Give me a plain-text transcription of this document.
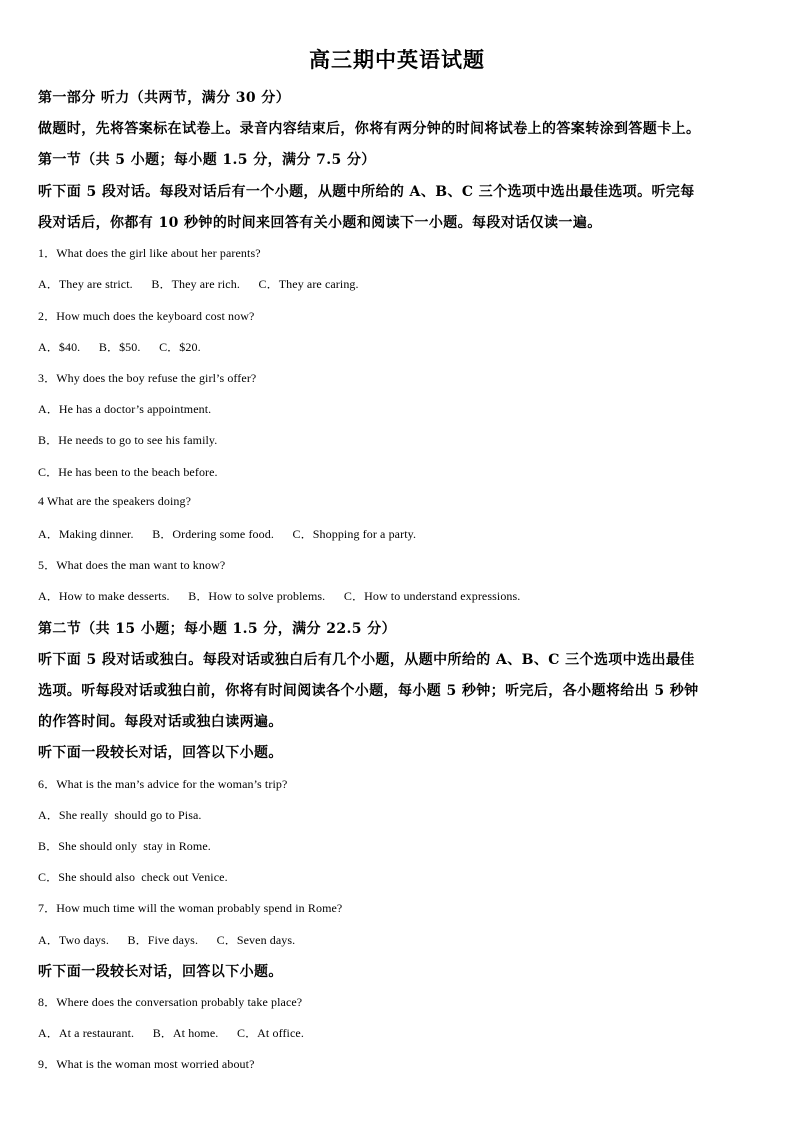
高三期中英语试题
第一部分 听力（共两节，满分 30 分）
做题时，先将答案标在试卷上。录音内容结束后，你将有两分钟的时间将试卷上的答案转涂到答题卡上。
第一节（共 5 小题；每小题 1.5 分，满分 7.5 分）
听下面 5 段对话。每段对话后有一个小题，从题中所给的 A、B、C 三个选项中选出最佳选项。听完每
段对话后，你都有 10 秒钟的时间来回答有关小题和阅读下一小题。每段对话仅读一遍。
1．What does the girl like about her parents?
A．They are strict.      B．They are rich.      C．They are caring.
2．How much does the keyboard cost now?
A．$40.      B．$50.      C．$20.
3．Why does the boy refuse the girl’s offer?
A．He has a doctor’s appointment.
B．He needs to go to see his family.
C．He has been to the beach before.
4 What are the speakers doing?
A．Making dinner.      B．Ordering some food.      C．Shopping for a party.
5．What does the man want to know?
A．How to make desserts.      B．How to solve problems.      C．How to understand expressions.
第二节（共 15 小题；每小题 1.5 分，满分 22.5 分）
听下面 5 段对话或独白。每段对话或独白后有几个小题，从题中所给的 A、B、C 三个选项中选出最佳
选项。听每段对话或独白前，你将有时间阅读各个小题，每小题 5 秒钟；听完后，各小题将给出 5 秒钟
的作答时间。每段对话或独白读两遍。
听下面一段较长对话，回答以下小题。
6．What is the man’s advice for the woman’s trip?
A．She really  should go to Pisa.
B．She should only  stay in Rome.
C．She should also  check out Venice.
7．How much time will the woman probably spend in Rome?
A．Two days.      B．Five days.      C．Seven days.
听下面一段较长对话，回答以下小题。
8．Where does the conversation probably take place?
A．At a restaurant.      B．At home.      C．At office.
9．What is the woman most worried about?
